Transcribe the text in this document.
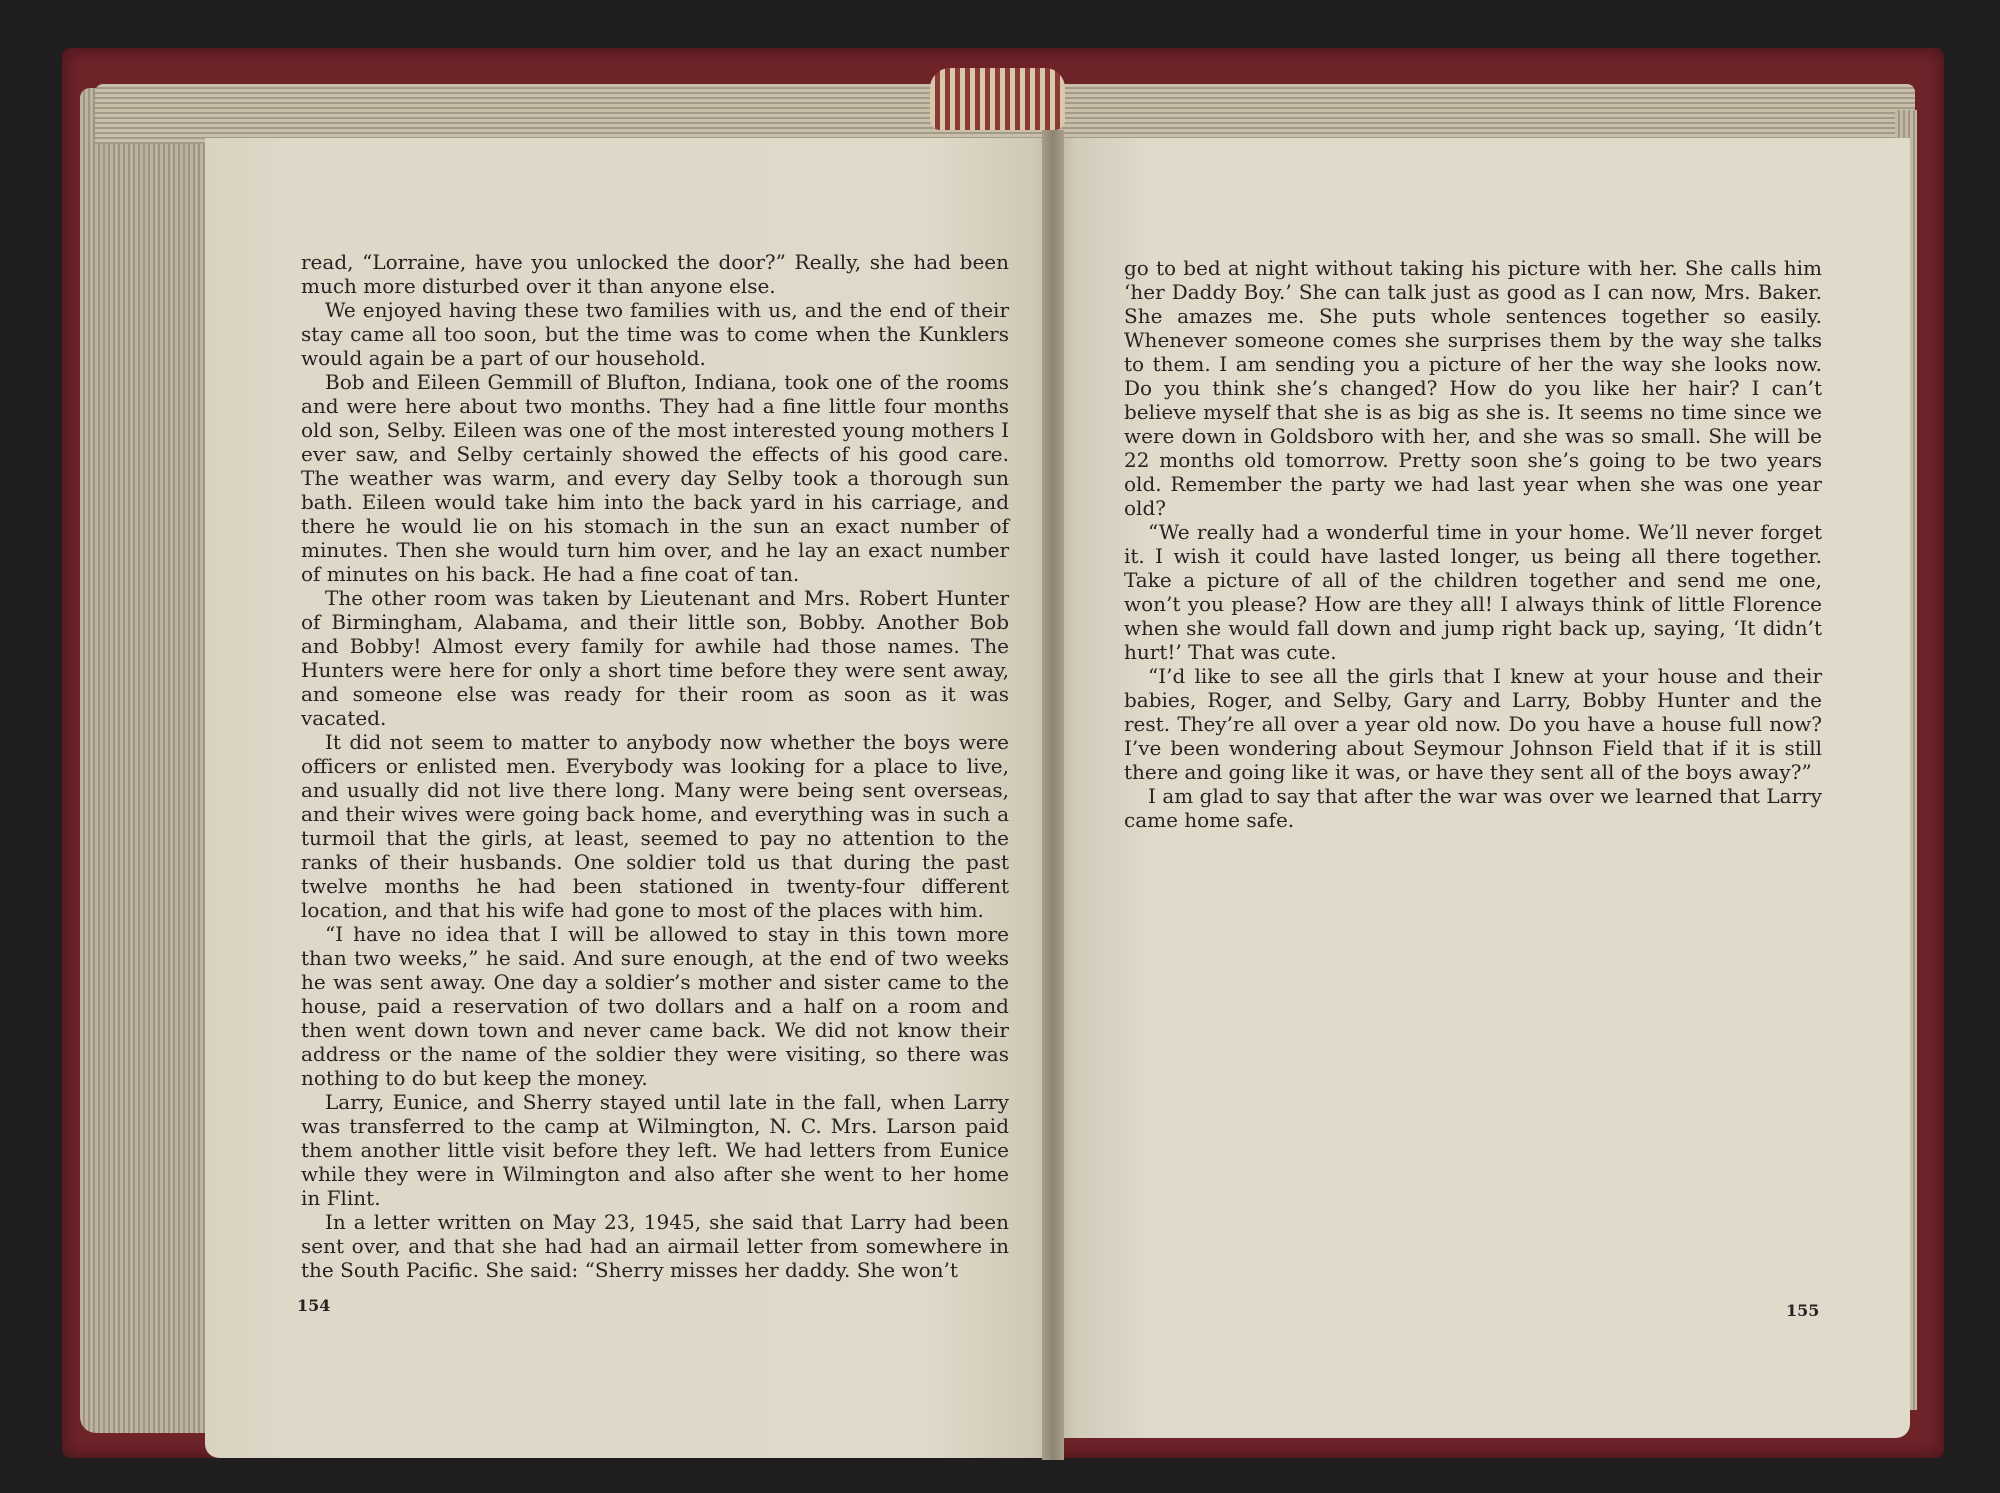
read, “Lorraine, have you unlocked the door?” Really, she had been much more disturbed over it than anyone else.

We enjoyed having these two families with us, and the end of their stay came all too soon, but the time was to come when the Kunklers would again be a part of our household.

Bob and Eileen Gemmill of Blufton, Indiana, took one of the rooms and were here about two months. They had a fine little four months old son, Selby. Eileen was one of the most interested young mothers I ever saw, and Selby certainly showed the effects of his good care. The weather was warm, and every day Selby took a thorough sun bath. Eileen would take him into the back yard in his carriage, and there he would lie on his stomach in the sun an exact number of minutes. Then she would turn him over, and he lay an exact number of minutes on his back. He had a fine coat of tan.

The other room was taken by Lieutenant and Mrs. Robert Hunter of Birmingham, Alabama, and their little son, Bobby. Another Bob and Bobby! Almost every family for awhile had those names. The Hunters were here for only a short time before they were sent away, and someone else was ready for their room as soon as it was vacated.

It did not seem to matter to anybody now whether the boys were officers or enlisted men. Everybody was looking for a place to live, and usually did not live there long. Many were being sent overseas, and their wives were going back home, and everything was in such a turmoil that the girls, at least, seemed to pay no attention to the ranks of their husbands. One soldier told us that during the past twelve months he had been stationed in twenty-four different location, and that his wife had gone to most of the places with him.

“I have no idea that I will be allowed to stay in this town more than two weeks,” he said. And sure enough, at the end of two weeks he was sent away. One day a soldier’s mother and sister came to the house, paid a reservation of two dollars and a half on a room and then went down town and never came back. We did not know their address or the name of the soldier they were visiting, so there was nothing to do but keep the money.

Larry, Eunice, and Sherry stayed until late in the fall, when Larry was transferred to the camp at Wilmington, N. C. Mrs. Larson paid them another little visit before they left. We had letters from Eunice while they were in Wilmington and also after she went to her home in Flint.

In a letter written on May 23, 1945, she said that Larry had been sent over, and that she had had an airmail letter from somewhere in the South Pacific. She said: “Sherry misses her daddy. She won’t

154

go to bed at night without taking his picture with her. She calls him ‘her Daddy Boy.’ She can talk just as good as I can now, Mrs. Baker. She amazes me. She puts whole sentences together so easily. Whenever someone comes she surprises them by the way she talks to them. I am sending you a picture of her the way she looks now. Do you think she’s changed? How do you like her hair? I can’t believe myself that she is as big as she is. It seems no time since we were down in Goldsboro with her, and she was so small. She will be 22 months old tomorrow. Pretty soon she’s going to be two years old. Remember the party we had last year when she was one year old?

“We really had a wonderful time in your home. We’ll never forget it. I wish it could have lasted longer, us being all there together. Take a picture of all of the children together and send me one, won’t you please? How are they all! I always think of little Florence when she would fall down and jump right back up, saying, ‘It didn’t hurt!’ That was cute.

“I’d like to see all the girls that I knew at your house and their babies, Roger, and Selby, Gary and Larry, Bobby Hunter and the rest. They’re all over a year old now. Do you have a house full now? I’ve been wondering about Seymour Johnson Field that if it is still there and going like it was, or have they sent all of the boys away?”

I am glad to say that after the war was over we learned that Larry came home safe.

155
